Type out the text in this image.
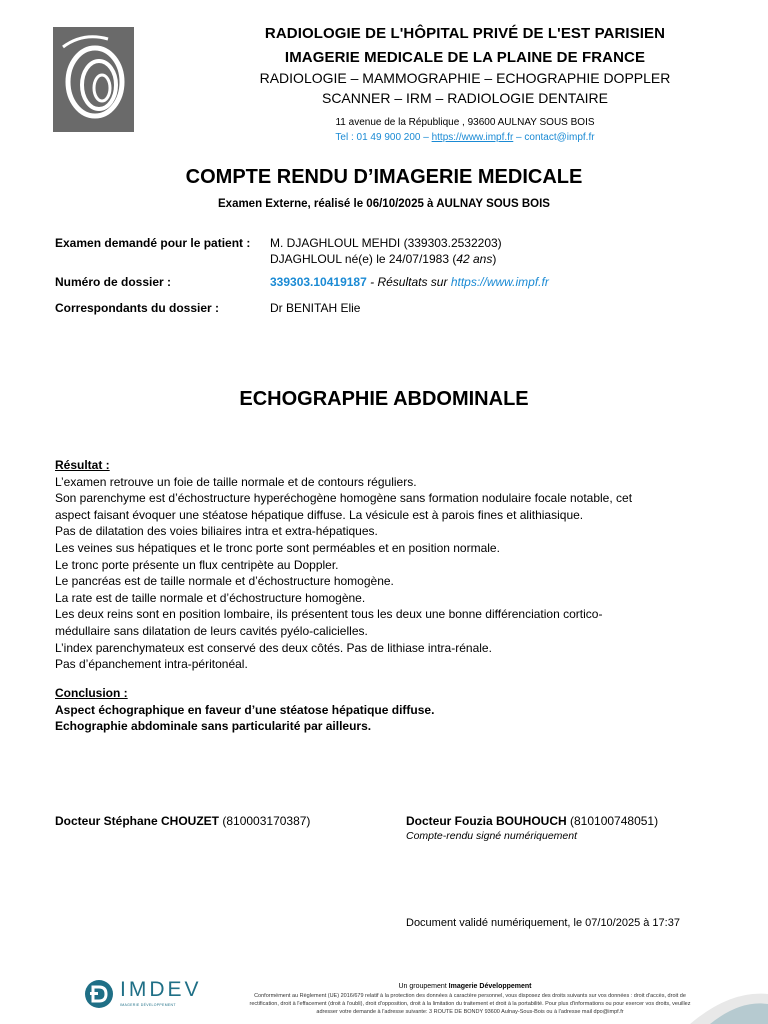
RADIOLOGIE DE L'HÔPITAL PRIVÉ DE L'EST PARISIEN
IMAGERIE MEDICALE DE LA PLAINE DE FRANCE
RADIOLOGIE – MAMMOGRAPHIE – ECHOGRAPHIE DOPPLER
SCANNER – IRM – RADIOLOGIE DENTAIRE
11 avenue de la République , 93600 AULNAY SOUS BOIS
Tel : 01 49 900 200 – https://www.impf.fr – contact@impf.fr
COMPTE RENDU D’IMAGERIE MEDICALE
Examen Externe, réalisé le 06/10/2025 à AULNAY SOUS BOIS
Examen demandé pour le patient : M. DJAGHLOUL MEHDI (339303.2532203)
DJAGHLOUL né(e) le 24/07/1983 (42 ans)
Numéro de dossier :	339303.10419187 - Résultats sur https://www.impf.fr
Correspondants du dossier :	Dr BENITAH Elie
ECHOGRAPHIE ABDOMINALE
Résultat :
L’examen retrouve un foie de taille normale et de contours réguliers.
Son parenchyme est d’échostructure hyperéchogène homogène sans formation nodulaire focale notable, cet
aspect faisant évoquer une stéatose hépatique diffuse. La vésicule est à parois fines et alithiasique.
Pas de dilatation des voies biliaires intra et extra-hépatiques.
Les veines sus hépatiques et le tronc porte sont perméables et en position normale.
Le tronc porte présente un flux centripète au Doppler.
Le pancréas est de taille normale et d’échostructure homogène.
La rate est de taille normale et d’échostructure homogène.
Les deux reins sont en position lombaire, ils présentent tous les deux une bonne différenciation cortico-
médullaire sans dilatation de leurs cavités pyélo-calicielles.
L’index parenchymateux est conservé des deux côtés. Pas de lithiase intra-rénale.
Pas d’épanchement intra-péritonéal.
Conclusion :
Aspect échographique en faveur d’une stéatose hépatique diffuse.
Echographie abdominale sans particularité par ailleurs.
Docteur Stéphane CHOUZET (810003170387)	Docteur Fouzia BOUHOUCH (810100748051)
Compte-rendu signé numériquement
Document validé numériquement, le 07/10/2025 à 17:37
IMDEV
IMAGERIE DÉVELOPPEMENT
Un groupement Imagerie Développement
Conformément au Règlement (UE) 2016/679 relatif à la protection des données à caractère personnel, vous disposez des droits suivants sur vos données : droit d'accès, droit de
rectification, droit à l'effacement (droit à l'oubli), droit d'opposition, droit à la limitation du traitement et droit à la portabilité. Pour plus d'informations ou pour exercer vos droits, veuillez
adresser votre demande à l'adresse suivante: 3 ROUTE DE BONDY 93600 Aulnay-Sous-Bois ou à l'adresse mail dpo@impf.fr
